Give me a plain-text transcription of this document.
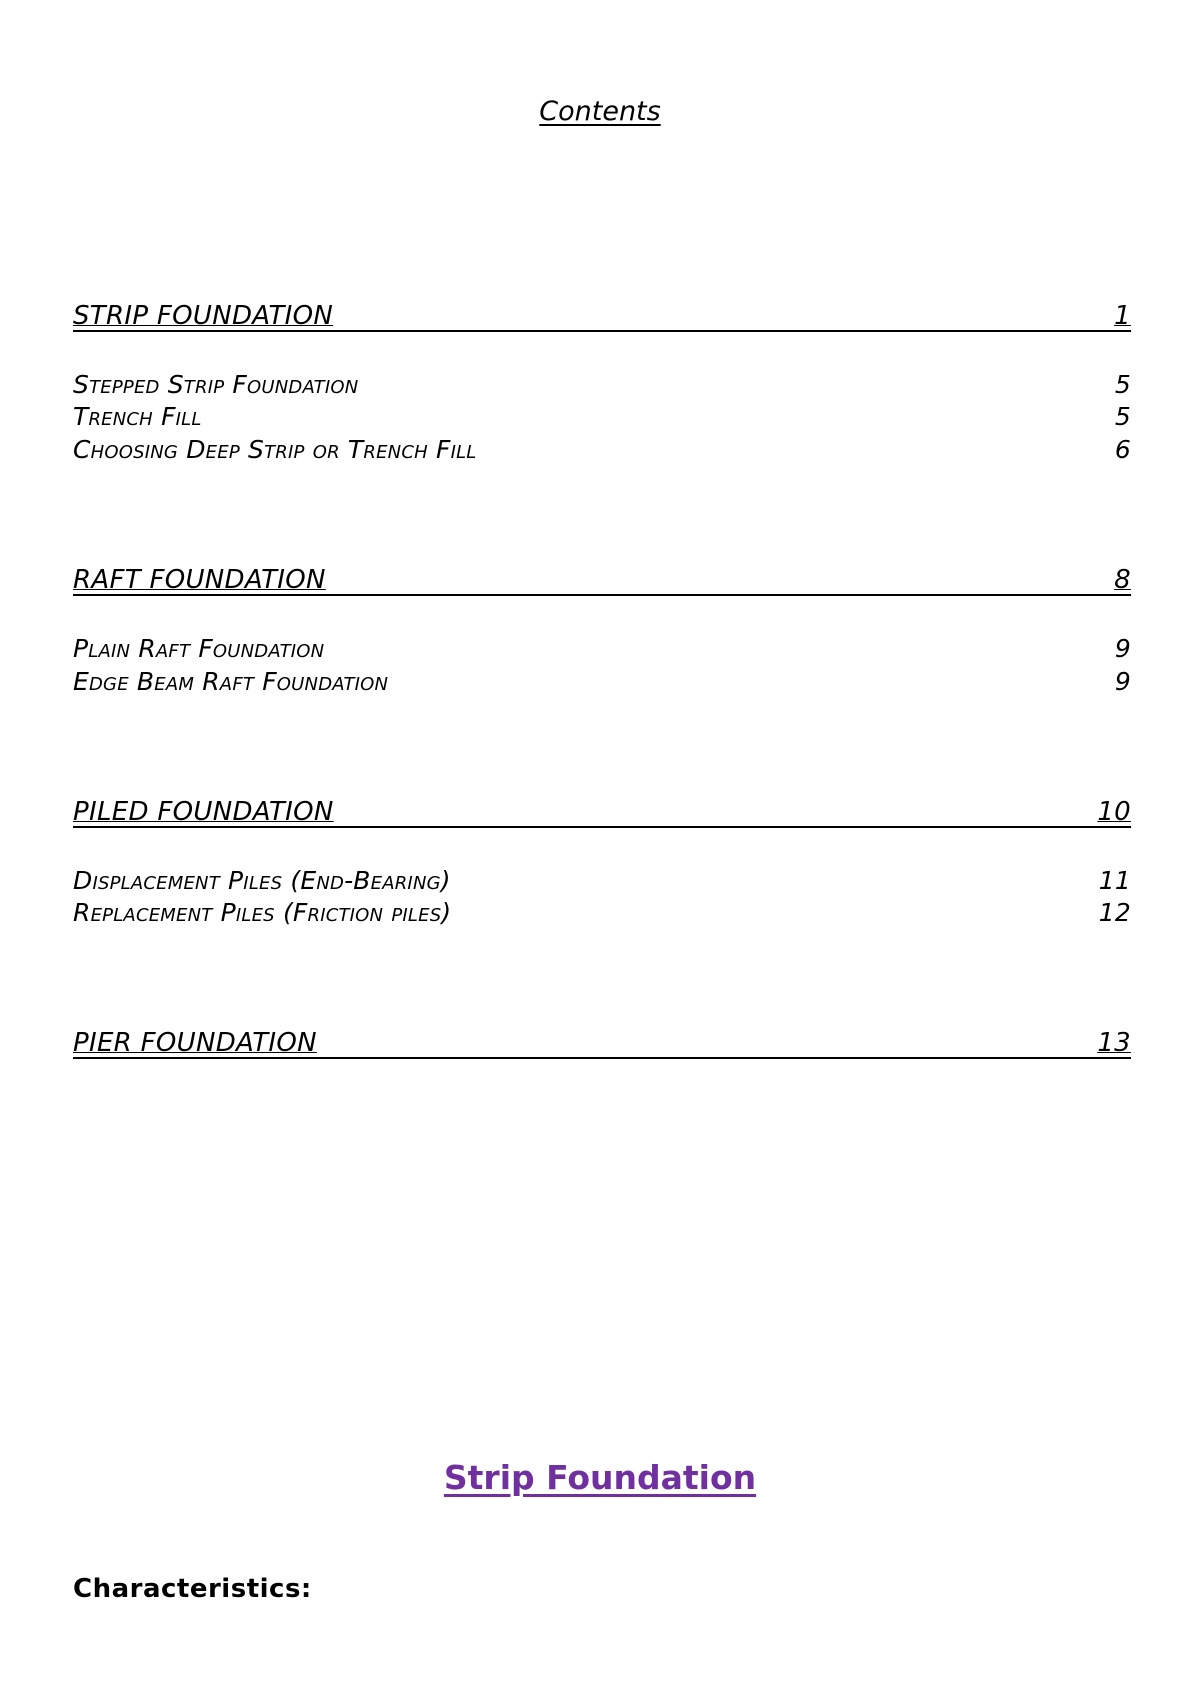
Contents
STRIP FOUNDATION	1
Stepped Strip Foundation	5
Trench Fill	5
Choosing Deep Strip or Trench Fill	6
RAFT FOUNDATION	8
Plain Raft Foundation	9
Edge Beam Raft Foundation	9
PILED FOUNDATION	10
Displacement Piles (End-Bearing)	11
Replacement Piles (Friction piles)	12
PIER FOUNDATION	13
Strip Foundation

Characteristics:
